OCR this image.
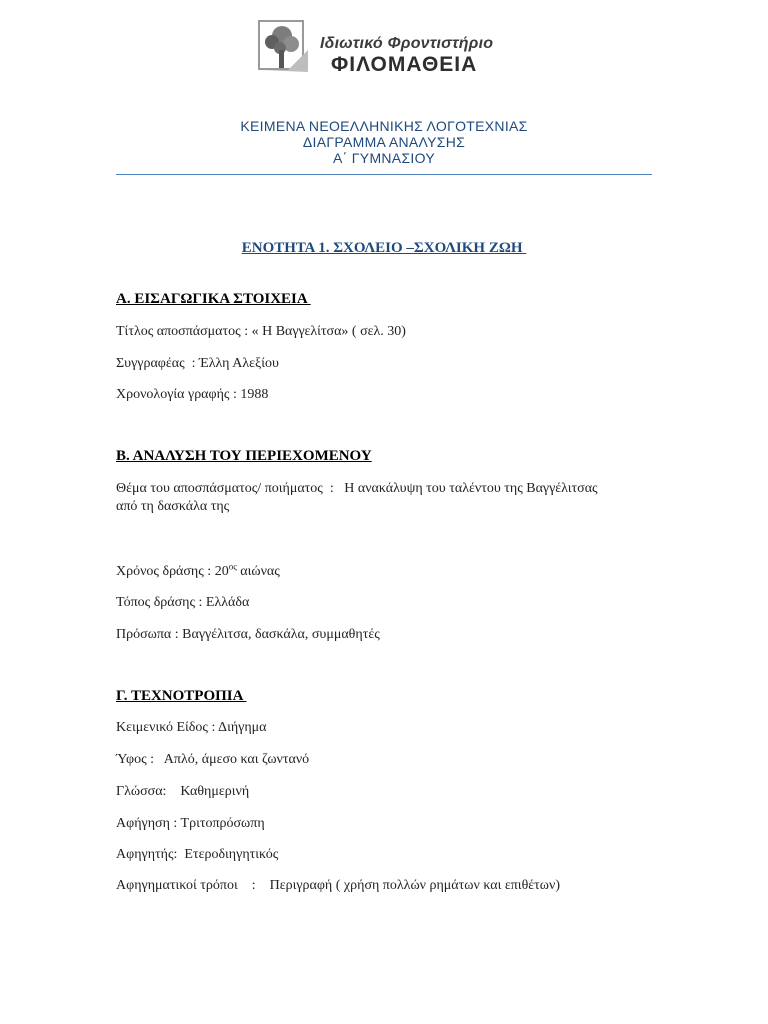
Ιδιωτικό Φροντιστήριο
ΦΙΛΟΜΑΘΕΙΑ
ΚΕΙΜΕΝΑ ΝΕΟΕΛΛΗΝΙΚΗΣ ΛΟΓΟΤΕΧΝΙΑΣ
ΔΙΑΓΡΑΜΜΑ ΑΝΑΛΥΣΗΣ
Α΄ ΓΥΜΝΑΣΙΟΥ
ΕΝΟΤΗΤΑ 1. ΣΧΟΛΕΙΟ –ΣΧΟΛΙΚΗ ΖΩΗ
Α. ΕΙΣΑΓΩΓΙΚΑ ΣΤΟΙΧΕΙΑ
Τίτλος αποσπάσματος : « Η Βαγγελίτσα» ( σελ. 30)
Συγγραφέας  : Έλλη Αλεξίου
Χρονολογία γραφής : 1988
Β. ΑΝΑΛΥΣΗ ΤΟΥ ΠΕΡΙΕΧΟΜΕΝΟΥ
Θέμα του αποσπάσματος/ ποιήματος  :   Η ανακάλυψη του ταλέντου της Βαγγέλιτσας
από τη δασκάλα της
Χρόνος δράσης : $20^{o\varsigma}$ αιώνας
Τόπος δράσης : Ελλάδα
Πρόσωπα : Βαγγέλιτσα, δασκάλα, συμμαθητές
Γ. ΤΕΧΝΟΤΡΟΠΙΑ
Κειμενικό Είδος : Διήγημα
Ύφος :   Απλό, άμεσο και ζωντανό
Γλώσσα:    Καθημερινή
Αφήγηση : Τριτοπρόσωπη
Αφηγητής:  Ετεροδιηγητικός
Αφηγηματικοί τρόποι    :    Περιγραφή ( χρήση πολλών ρημάτων και επιθέτων)
